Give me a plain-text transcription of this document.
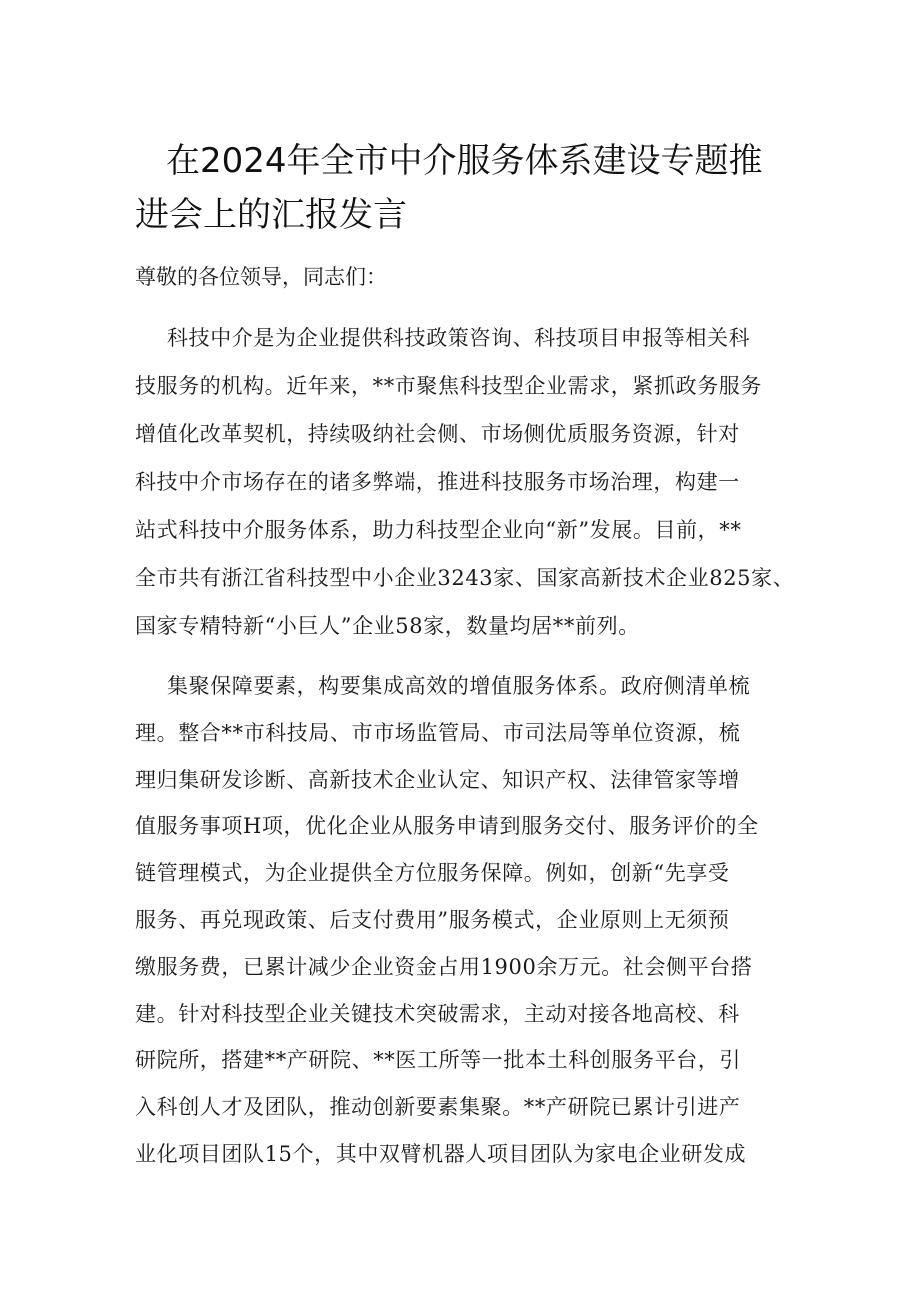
在2024年全市中介服务体系建设专题推
进会上的汇报发言

尊敬的各位领导，同志们：

科技中介是为企业提供科技政策咨询、科技项目申报等相关科
技服务的机构。近年来，**市聚焦科技型企业需求，紧抓政务服务
增值化改革契机，持续吸纳社会侧、市场侧优质服务资源，针对
科技中介市场存在的诸多弊端，推进科技服务市场治理，构建一
站式科技中介服务体系，助力科技型企业向“新”发展。目前，**
全市共有浙江省科技型中小企业3243家、国家高新技术企业825家、
国家专精特新“小巨人”企业58家，数量均居**前列。
集聚保障要素，构要集成高效的增值服务体系。政府侧清单梳
理。整合**市科技局、市市场监管局、市司法局等单位资源，梳
理归集研发诊断、高新技术企业认定、知识产权、法律管家等增
值服务事项H项，优化企业从服务申请到服务交付、服务评价的全
链管理模式，为企业提供全方位服务保障。例如，创新“先享受
服务、再兑现政策、后支付费用”服务模式，企业原则上无须预
缴服务费，已累计减少企业资金占用1900余万元。社会侧平台搭
建。针对科技型企业关键技术突破需求，主动对接各地高校、科
研院所，搭建**产研院、**医工所等一批本土科创服务平台，引
入科创人才及团队，推动创新要素集聚。**产研院已累计引进产
业化项目团队15个，其中双臂机器人项目团队为家电企业研发成
